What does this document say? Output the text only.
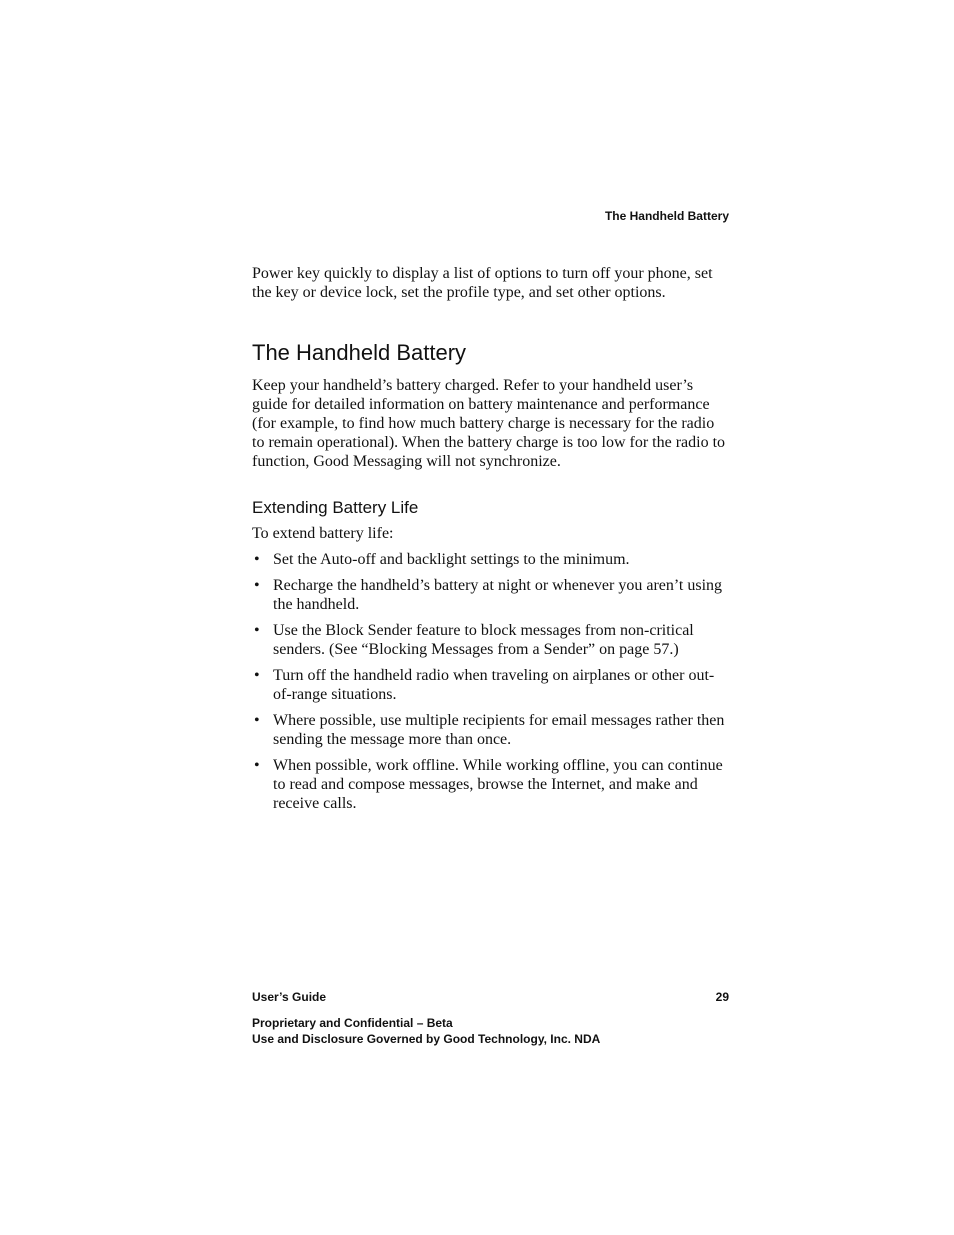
The Handheld Battery

Power key quickly to display a list of options to turn off your phone, set the key or device lock, set the profile type, and set other options.

The Handheld Battery

Keep your handheld’s battery charged. Refer to your handheld user’s guide for detailed information on battery maintenance and performance (for example, to find how much battery charge is necessary for the radio to remain operational). When the battery charge is too low for the radio to function, Good Messaging will not synchronize.

Extending Battery Life

To extend battery life:

• Set the Auto-off and backlight settings to the minimum.
• Recharge the handheld’s battery at night or whenever you aren’t using the handheld.
• Use the Block Sender feature to block messages from non-critical senders. (See “Blocking Messages from a Sender” on page 57.)
• Turn off the handheld radio when traveling on airplanes or other out-of-range situations.
• Where possible, use multiple recipients for email messages rather then sending the message more than once.
• When possible, work offline. While working offline, you can continue to read and compose messages, browse the Internet, and make and receive calls.
User’s Guide	29
Proprietary and Confidential – Beta
Use and Disclosure Governed by Good Technology, Inc. NDA
